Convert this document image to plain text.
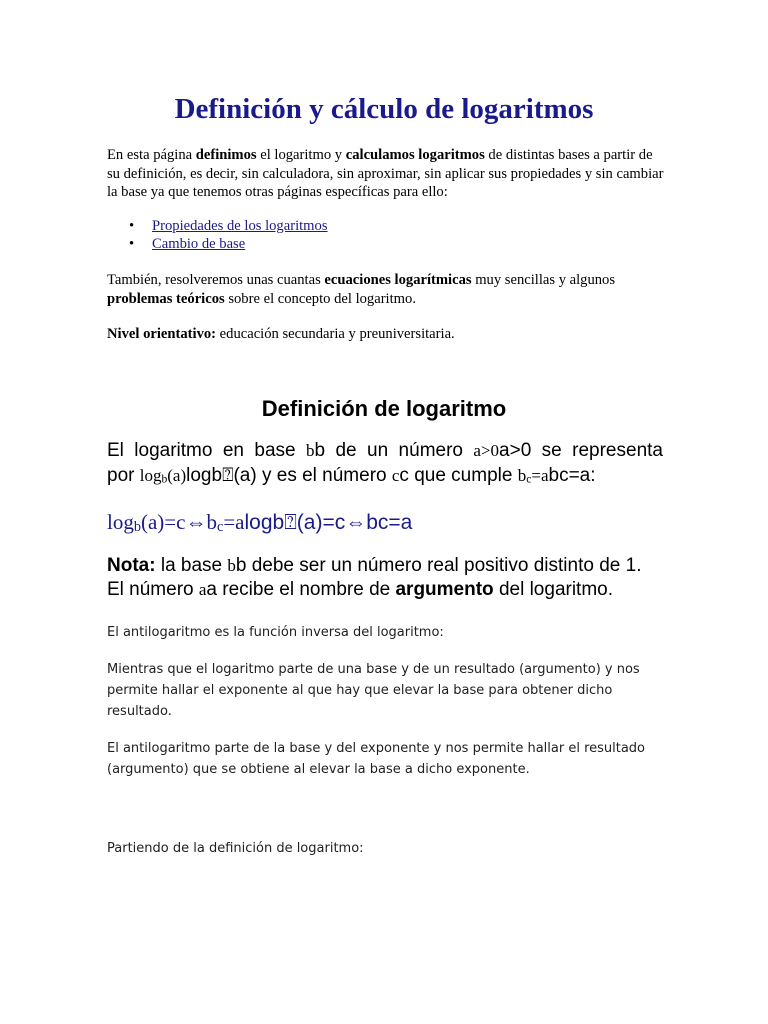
Definición y cálculo de logaritmos

En esta página definimos el logaritmo y calculamos logaritmos de distintas bases a partir de su definición, es decir, sin calculadora, sin aproximar, sin aplicar sus propiedades y sin cambiar la base ya que tenemos otras páginas específicas para ello:

• Propiedades de los logaritmos
• Cambio de base

También, resolveremos unas cuantas ecuaciones logarítmicas muy sencillas y algunos problemas teóricos sobre el concepto del logaritmo.

Nivel orientativo: educación secundaria y preuniversitaria.

Definición de logaritmo

El logaritmo en base bb de un número a>0a>0 se representa

por logb(a)logb⍰(a) y es el número cc que cumple bc=abc=a:

logb(a)=c⇔bc=alogb⍰(a)=c⇔bc=a

Nota: la base bb debe ser un número real positivo distinto de 1.

El número aa recibe el nombre de argumento del logaritmo.

El antilogaritmo es la función inversa del logaritmo:

Mientras que el logaritmo parte de una base y de un resultado (argumento) y nos permite hallar el exponente al que hay que elevar la base para obtener dicho resultado.

El antilogaritmo parte de la base y del exponente y nos permite hallar el resultado (argumento) que se obtiene al elevar la base a dicho exponente.

Partiendo de la definición de logaritmo:
